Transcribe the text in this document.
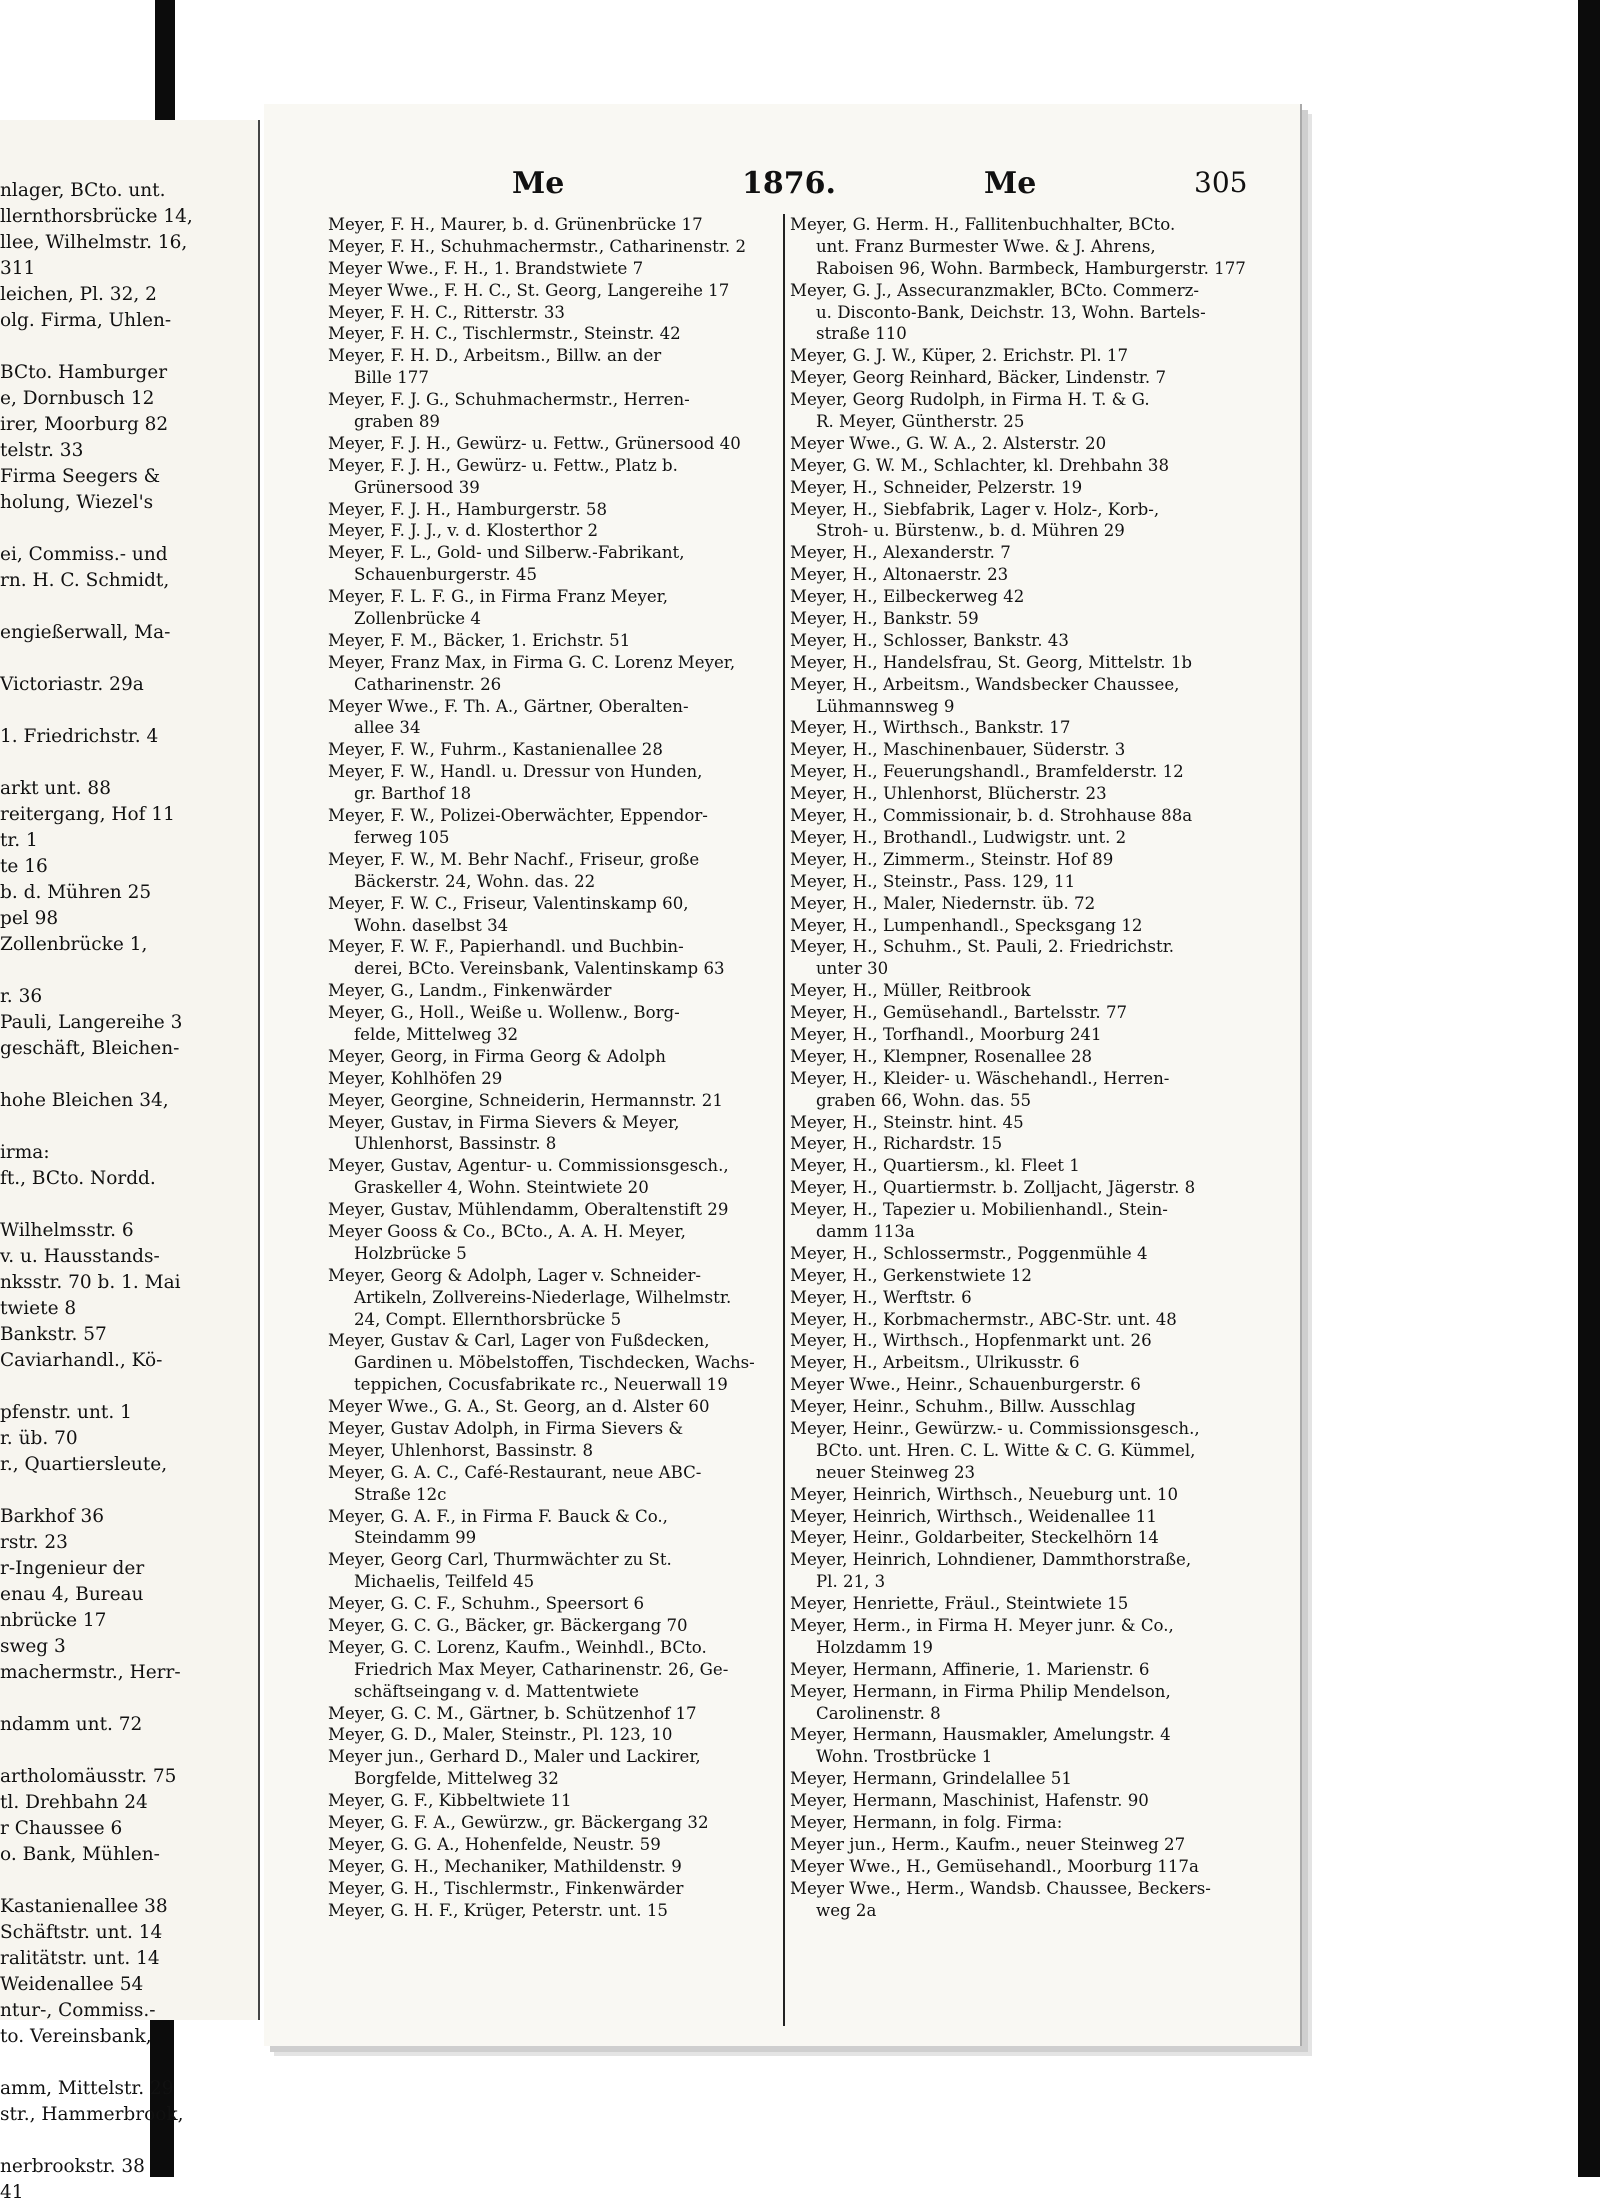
nlager, BCto. unt.
llernthorsbrücke 14,
llee, Wilhelmstr. 16,
311
leichen, Pl. 32, 2
olg. Firma, Uhlen-
BCto. Hamburger
e, Dornbusch 12
irer, Moorburg 82
telstr. 33
Firma Seegers &
holung, Wiezel's
ei, Commiss.- und
rn. H. C. Schmidt,
engießerwall, Ma-
Victoriastr. 29a
1. Friedrichstr. 4
arkt unt. 88
reitergang, Hof 11
tr. 1
te 16
b. d. Mühren 25
pel 98
Zollenbrücke 1,
r. 36
Pauli, Langereihe 3
geschäft, Bleichen-
hohe Bleichen 34,
irma:
ft., BCto. Nordd.
Wilhelmsstr. 6
v. u. Hausstands-
nksstr. 70 b. 1. Mai
twiete 8
Bankstr. 57
Caviarhandl., Kö-
pfenstr. unt. 1
r. üb. 70
r., Quartiersleute,
Barkhof 36
rstr. 23
r-Ingenieur der
enau 4, Bureau
nbrücke 17
sweg 3
machermstr., Herr-
ndamm unt. 72
artholomäusstr. 75
tl. Drehbahn 24
r Chaussee 6
o. Bank, Mühlen-
Kastanienallee 38
Schäftstr. unt. 14
ralitätstr. unt. 14
Weidenallee 54
ntur-, Commiss.-
to. Vereinsbank,
amm, Mittelstr. 29
str., Hammerbrook,
nerbrookstr. 38
41
Me	1876.	Me	305
Meyer, F. H., Maurer, b. d. Grünenbrücke 17
Meyer, F. H., Schuhmachermstr., Catharinenstr. 2
Meyer Wwe., F. H., 1. Brandstwiete 7
Meyer Wwe., F. H. C., St. Georg, Langereihe 17
Meyer, F. H. C., Ritterstr. 33
Meyer, F. H. C., Tischlermstr., Steinstr. 42
Meyer, F. H. D., Arbeitsm., Billw. an der
Bille 177
Meyer, F. J. G., Schuhmachermstr., Herren-
graben 89
Meyer, F. J. H., Gewürz- u. Fettw., Grünersood 40
Meyer, F. J. H., Gewürz- u. Fettw., Platz b.
Grünersood 39
Meyer, F. J. H., Hamburgerstr. 58
Meyer, F. J. J., v. d. Klosterthor 2
Meyer, F. L., Gold- und Silberw.-Fabrikant,
Schauenburgerstr. 45
Meyer, F. L. F. G., in Firma Franz Meyer,
Zollenbrücke 4
Meyer, F. M., Bäcker, 1. Erichstr. 51
Meyer, Franz Max, in Firma G. C. Lorenz Meyer,
Catharinenstr. 26
Meyer Wwe., F. Th. A., Gärtner, Oberalten-
allee 34
Meyer, F. W., Fuhrm., Kastanienallee 28
Meyer, F. W., Handl. u. Dressur von Hunden,
gr. Barthof 18
Meyer, F. W., Polizei-Oberwächter, Eppendor-
ferweg 105
Meyer, F. W., M. Behr Nachf., Friseur, große
Bäckerstr. 24, Wohn. das. 22
Meyer, F. W. C., Friseur, Valentinskamp 60,
Wohn. daselbst 34
Meyer, F. W. F., Papierhandl. und Buchbin-
derei, BCto. Vereinsbank, Valentinskamp 63
Meyer, G., Landm., Finkenwärder
Meyer, G., Holl., Weiße u. Wollenw., Borg-
felde, Mittelweg 32
Meyer, Georg, in Firma Georg & Adolph
Meyer, Kohlhöfen 29
Meyer, Georgine, Schneiderin, Hermannstr. 21
Meyer, Gustav, in Firma Sievers & Meyer,
Uhlenhorst, Bassinstr. 8
Meyer, Gustav, Agentur- u. Commissionsgesch.,
Graskeller 4, Wohn. Steintwiete 20
Meyer, Gustav, Mühlendamm, Oberaltenstift 29
Meyer Gooss & Co., BCto., A. A. H. Meyer,
Holzbrücke 5
Meyer, Georg & Adolph, Lager v. Schneider-
Artikeln, Zollvereins-Niederlage, Wilhelmstr.
24, Compt. Ellernthorsbrücke 5
Meyer, Gustav & Carl, Lager von Fußdecken,
Gardinen u. Möbelstoffen, Tischdecken, Wachs-
teppichen, Cocusfabrikate rc., Neuerwall 19
Meyer Wwe., G. A., St. Georg, an d. Alster 60
Meyer, Gustav Adolph, in Firma Sievers &
Meyer, Uhlenhorst, Bassinstr. 8
Meyer, G. A. C., Café-Restaurant, neue ABC-
Straße 12c
Meyer, G. A. F., in Firma F. Bauck & Co.,
Steindamm 99
Meyer, Georg Carl, Thurmwächter zu St.
Michaelis, Teilfeld 45
Meyer, G. C. F., Schuhm., Speersort 6
Meyer, G. C. G., Bäcker, gr. Bäckergang 70
Meyer, G. C. Lorenz, Kaufm., Weinhdl., BCto.
Friedrich Max Meyer, Catharinenstr. 26, Ge-
schäftseingang v. d. Mattentwiete
Meyer, G. C. M., Gärtner, b. Schützenhof 17
Meyer, G. D., Maler, Steinstr., Pl. 123, 10
Meyer jun., Gerhard D., Maler und Lackirer,
Borgfelde, Mittelweg 32
Meyer, G. F., Kibbeltwiete 11
Meyer, G. F. A., Gewürzw., gr. Bäckergang 32
Meyer, G. G. A., Hohenfelde, Neustr. 59
Meyer, G. H., Mechaniker, Mathildenstr. 9
Meyer, G. H., Tischlermstr., Finkenwärder
Meyer, G. H. F., Krüger, Peterstr. unt. 15
Meyer, G. Herm. H., Fallitenbuchhalter, BCto.
unt. Franz Burmester Wwe. & J. Ahrens,
Raboisen 96, Wohn. Barmbeck, Hamburgerstr. 177
Meyer, G. J., Assecuranzmakler, BCto. Commerz-
u. Disconto-Bank, Deichstr. 13, Wohn. Bartels-
straße 110
Meyer, G. J. W., Küper, 2. Erichstr. Pl. 17
Meyer, Georg Reinhard, Bäcker, Lindenstr. 7
Meyer, Georg Rudolph, in Firma H. T. & G.
R. Meyer, Güntherstr. 25
Meyer Wwe., G. W. A., 2. Alsterstr. 20
Meyer, G. W. M., Schlachter, kl. Drehbahn 38
Meyer, H., Schneider, Pelzerstr. 19
Meyer, H., Siebfabrik, Lager v. Holz-, Korb-,
Stroh- u. Bürstenw., b. d. Mühren 29
Meyer, H., Alexanderstr. 7
Meyer, H., Altonaerstr. 23
Meyer, H., Eilbeckerweg 42
Meyer, H., Bankstr. 59
Meyer, H., Schlosser, Bankstr. 43
Meyer, H., Handelsfrau, St. Georg, Mittelstr. 1b
Meyer, H., Arbeitsm., Wandsbecker Chaussee,
Lühmannsweg 9
Meyer, H., Wirthsch., Bankstr. 17
Meyer, H., Maschinenbauer, Süderstr. 3
Meyer, H., Feuerungshandl., Bramfelderstr. 12
Meyer, H., Uhlenhorst, Blücherstr. 23
Meyer, H., Commissionair, b. d. Strohhause 88a
Meyer, H., Brothandl., Ludwigstr. unt. 2
Meyer, H., Zimmerm., Steinstr. Hof 89
Meyer, H., Steinstr., Pass. 129, 11
Meyer, H., Maler, Niedernstr. üb. 72
Meyer, H., Lumpenhandl., Specksgang 12
Meyer, H., Schuhm., St. Pauli, 2. Friedrichstr.
unter 30
Meyer, H., Müller, Reitbrook
Meyer, H., Gemüsehandl., Bartelsstr. 77
Meyer, H., Torfhandl., Moorburg 241
Meyer, H., Klempner, Rosenallee 28
Meyer, H., Kleider- u. Wäschehandl., Herren-
graben 66, Wohn. das. 55
Meyer, H., Steinstr. hint. 45
Meyer, H., Richardstr. 15
Meyer, H., Quartiersm., kl. Fleet 1
Meyer, H., Quartiermstr. b. Zolljacht, Jägerstr. 8
Meyer, H., Tapezier u. Mobilienhandl., Stein-
damm 113a
Meyer, H., Schlossermstr., Poggenmühle 4
Meyer, H., Gerkenstwiete 12
Meyer, H., Werftstr. 6
Meyer, H., Korbmachermstr., ABC-Str. unt. 48
Meyer, H., Wirthsch., Hopfenmarkt unt. 26
Meyer, H., Arbeitsm., Ulrikusstr. 6
Meyer Wwe., Heinr., Schauenburgerstr. 6
Meyer, Heinr., Schuhm., Billw. Ausschlag
Meyer, Heinr., Gewürzw.- u. Commissionsgesch.,
BCto. unt. Hren. C. L. Witte & C. G. Kümmel,
neuer Steinweg 23
Meyer, Heinrich, Wirthsch., Neueburg unt. 10
Meyer, Heinrich, Wirthsch., Weidenallee 11
Meyer, Heinr., Goldarbeiter, Steckelhörn 14
Meyer, Heinrich, Lohndiener, Dammthorstraße,
Pl. 21, 3
Meyer, Henriette, Fräul., Steintwiete 15
Meyer, Herm., in Firma H. Meyer junr. & Co.,
Holzdamm 19
Meyer, Hermann, Affinerie, 1. Marienstr. 6
Meyer, Hermann, in Firma Philip Mendelson,
Carolinenstr. 8
Meyer, Hermann, Hausmakler, Amelungstr. 4
Wohn. Trostbrücke 1
Meyer, Hermann, Grindelallee 51
Meyer, Hermann, Maschinist, Hafenstr. 90
Meyer, Hermann, in folg. Firma:
Meyer jun., Herm., Kaufm., neuer Steinweg 27
Meyer Wwe., H., Gemüsehandl., Moorburg 117a
Meyer Wwe., Herm., Wandsb. Chaussee, Beckers-
weg 2a
